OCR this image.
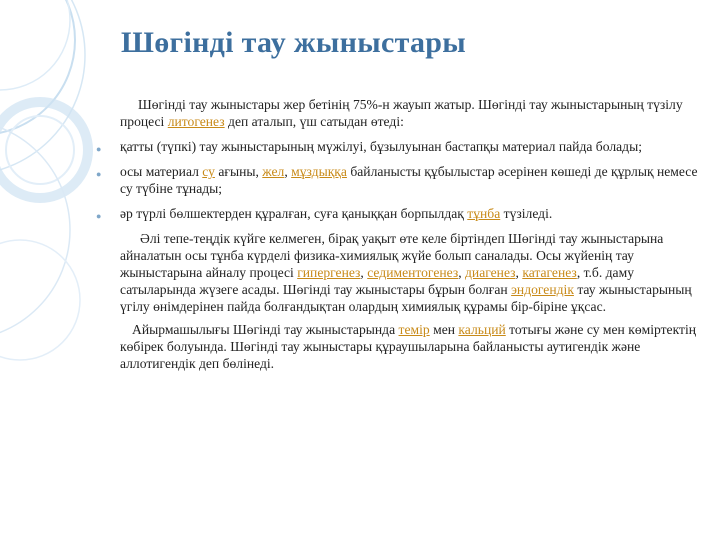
Шөгінді тау жыныстары

Шөгінді тау жыныстары жер бетінің 75%-н жауып жатыр. Шөгінді тау жыныстарының түзілу процесі литогенез деп аталып, үш сатыдан өтеді:

● қатты (түпкі) тау жыныстарының мүжілуі, бұзылуынан бастапқы материал пайда болады;

● осы материал су ағыны, жел, мұздыққа байланысты құбылыстар әсерінен көшеді де құрлық немесе су түбіне тұнады;

● әр түрлі бөлшектерден құралған, суға қаныққан борпылдақ тұнба түзіледі.

Әлі тепе-теңдік күйге келмеген, бірақ уақыт өте келе біртіндеп Шөгінді тау жыныстарына айналатын осы тұнба күрделі физика-химиялық жүйе болып саналады. Осы жүйенің тау жыныстарына айналу процесі гипергенез, седиментогенез, диагенез, катагенез, т.б. даму сатыларында жүзеге асады. Шөгінді тау жыныстары бұрын болған эндогендік тау жыныстарының үгілу өнімдерінен пайда болғандықтан олардың химиялық құрамы бір-біріне ұқсас.

Айырмашылығы Шөгінді тау жыныстарында темір мен кальций тотығы және су мен көміртектің көбірек болуында. Шөгінді тау жыныстары құраушыларына байланысты аутигендік және аллотигендік деп бөлінеді.
